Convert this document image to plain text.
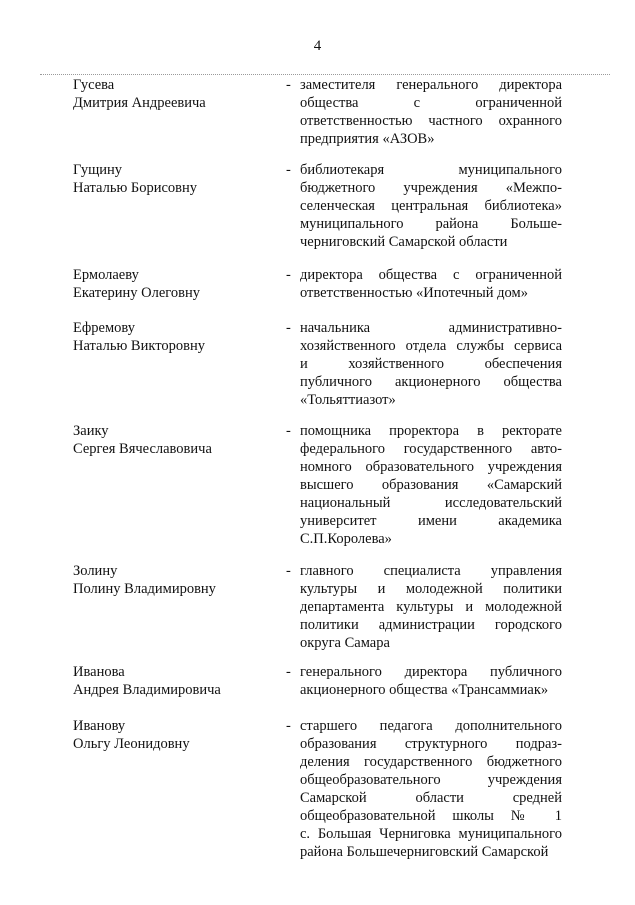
4
Гусева
Дмитрия Андреевича
- заместителя генерального директора
общества с ограниченной
ответственностью частного охранного
предприятия «АЗОВ»
Гущину
Наталью Борисовну
- библиотекаря муниципального
бюджетного учреждения «Межпо-
селенческая центральная библиотека»
муниципального района Больше-
черниговский Самарской области
Ермолаеву
Екатерину Олеговну
- директора общества с ограниченной
ответственностью «Ипотечный дом»
Ефремову
Наталью Викторовну
- начальника административно-
хозяйственного отдела службы сервиса
и хозяйственного обеспечения
публичного акционерного общества
«Тольяттиазот»
Заику
Сергея Вячеславовича
- помощника проректора в ректорате
федерального государственного авто-
номного образовательного учреждения
высшего образования «Самарский
национальный исследовательский
университет имени академика
С.П.Королева»
Золину
Полину Владимировну
- главного специалиста управления
культуры и молодежной политики
департамента культуры и молодежной
политики администрации городского
округа Самара
Иванова
Андрея Владимировича
- генерального директора публичного
акционерного общества «Трансаммиак»
Иванову
Ольгу Леонидовну
- старшего педагога дополнительного
образования структурного подраз-
деления государственного бюджетного
общеобразовательного учреждения
Самарской области средней
общеобразовательной школы № 1
с. Большая Черниговка муниципального
района Большечерниговский Самарской
